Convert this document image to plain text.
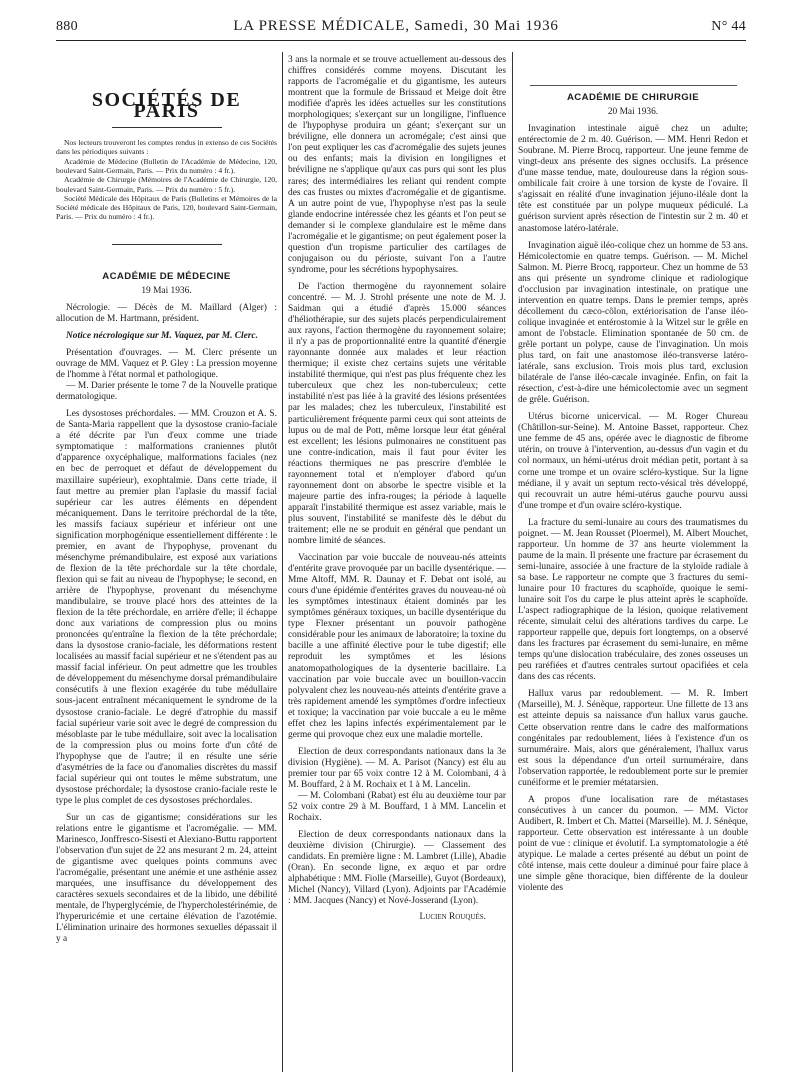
880	LA PRESSE MÉDICALE, Samedi, 30 Mai 1936	N° 44
SOCIÉTÉS DE PARIS

Nos lecteurs trouveront les comptes rendus in extenso de ces Sociétés dans les périodiques suivants :

Académie de Médecine (Bulletin de l'Académie de Médecine, 120, boulevard Saint-Germain, Paris. — Prix du numéro : 4 fr.).

Académie de Chirurgie (Mémoires de l'Académie de Chirurgie, 120, boulevard Saint-Germain, Paris. — Prix du numéro : 5 fr.).

Société Médicale des Hôpitaux de Paris (Bulletins et Mémoires de la Société médicale des Hôpitaux de Paris, 120, boulevard Saint-Germain, Paris. — Prix du numéro : 4 fr.).

ACADÉMIE DE MÉDECINE
19 Mai 1936.

Nécrologie. — Décès de M. Maillard (Alger) : allocution de M. Hartmann, président.

Notice nécrologique sur M. Vaquez, par M. Clerc.

Présentation d'ouvrages. — M. Clerc présente un ouvrage de MM. Vaquez et P. Gley : La pression moyenne de l'homme à l'état normal et pathologique.

— M. Darier présente le tome 7 de la Nouvelle pratique dermatologique.

Les dysostoses préchordales. — MM. Crouzon et A. S. de Santa-Maria rappellent que la dysostose cranio-faciale a été décrite par l'un d'eux comme une triade symptomatique : malformations craniennes plutôt d'apparence oxycéphalique, malformations faciales (nez en bec de perroquet et défaut de développement du maxillaire supérieur), exophtalmie. Dans cette triade, il faut mettre au premier plan l'aplasie du massif facial supérieur car les autres éléments en dépendent mécaniquement. Dans le territoire préchordal de la tête, les massifs faciaux supérieur et inférieur ont une signification morphogénique essentiellement différente : le premier, en avant de l'hypophyse, provenant du mésenchyme prémandibulaire, est exposé aux variations de flexion de la tête préchordale sur la tête chordale, flexion qui se fait au niveau de l'hypophyse; le second, en arrière de l'hypophyse, provenant du mésenchyme mandibulaire, se trouve placé hors des atteintes de la flexion de la tête préchordale, en arrière d'elle; il échappe donc aux variations de compression plus ou moins prononcées qu'entraîne la flexion de la tête préchordale; dans la dysostose cranio-faciale, les déformations restent localisées au massif facial supérieur et ne s'étendent pas au massif facial inférieur. On peut admettre que les troubles de développement du mésenchyme dorsal prémandibulaire consécutifs à une flexion exagérée du tube médullaire sous-jacent entraînent mécaniquement le syndrome de la dysostose cranio-faciale. Le degré d'atrophie du massif facial supérieur varie soit avec le degré de compression du mésoblaste par le tube médullaire, soit avec la localisation de la compression plus ou moins forte d'un côté de l'hypophyse que de l'autre; il en résulte une série d'asymétries de la face ou d'anomalies discrètes du massif facial supérieur qui ont toutes le même substratum, une dysostose préchordale; la dysostose cranio-faciale reste le type le plus complet de ces dysostoses préchordales.

Sur un cas de gigantisme; considérations sur les relations entre le gigantisme et l'acromégalie. — MM. Marinesco, Jonffresco-Sisesti et Alexiano-Buttu rapportent l'observation d'un sujet de 22 ans mesurant 2 m. 24, atteint de gigantisme avec quelques points communs avec l'acromégalie, présentant une anémie et une asthénie assez marquées, une insuffisance du développement des caractères sexuels secondaires et de la libido, une débilité mentale, de l'hyperglycémie, de l'hypercholestérinémie, de l'hyperuricémie et une certaine élévation de l'azotémie. L'élimination urinaire des hormones sexuelles dépassait il y a

3 ans la normale et se trouve actuellement au-dessous des chiffres considérés comme moyens. Discutant les rapports de l'acromégalie et du gigantisme, les auteurs montrent que la formule de Brissaud et Meige doit être modifiée d'après les idées actuelles sur les constitutions morphologiques; s'exerçant sur un longiligne, l'influence de l'hypophyse produira un géant; s'exerçant sur un bréviligne, elle donnera un acromégale; c'est ainsi que l'on peut expliquer les cas d'acromégalie des sujets jeunes ou des enfants; mais la division en longilignes et bréviligne ne s'applique qu'aux cas purs qui sont les plus rares; des intermédiaires les reliant qui rendent compte des cas frustes ou mixtes d'acromégalie et de gigantisme. A un autre point de vue, l'hypophyse n'est pas la seule glande endocrine intéressée chez les géants et l'on peut se demander si le complexe glandulaire est le même dans l'acromégalie et le gigantisme; on peut également poser la question d'un tropisme particulier des cartilages de conjugaison ou du périoste, suivant l'on a l'autre syndrome, pour les sécrétions hypophysaires.

De l'action thermogène du rayonnement solaire concentré. — M. J. Strohl présente une note de M. J. Saidman qui a étudié d'après 15.000 séances d'héliothérapie, sur des sujets placés perpendiculairement aux rayons, l'action thermogène du rayonnement solaire; il n'y a pas de proportionnalité entre la quantité d'énergie rayonnante donnée aux malades et leur réaction thermique; il existe chez certains sujets une véritable instabilité thermique, qui n'est pas plus fréquente chez les tuberculeux que chez les non-tuberculeux; cette instabilité n'est pas liée à la gravité des lésions présentées par les malades; chez les tuberculeux, l'instabilité est particulièrement fréquente parmi ceux qui sont atteints de lupus ou de mal de Pott, même lorsque leur état général est excellent; les lésions pulmonaires ne constituent pas une contre-indication, mais il faut pour éviter les réactions thermiques ne pas prescrire d'emblée le rayonnement total et n'employer d'abord qu'un rayonnement dont on absorbe le spectre visible et la majeure partie des infra-rouges; la période à laquelle apparaît l'instabilité thermique est assez variable, mais le plus souvent, l'instabilité se manifeste dès le début du traitement; elle ne se produit en général que pendant un nombre limité de séances.

Vaccination par voie buccale de nouveau-nés atteints d'entérite grave provoquée par un bacille dysentérique. — Mme Altoff, MM. R. Daunay et F. Debat ont isolé, au cours d'une épidémie d'entérites graves du nouveau-né où les symptômes intestinaux étaient dominés par les symptômes généraux toxiques, un bacille dysentérique du type Flexner présentant un pouvoir pathogène considérable pour les animaux de laboratoire; la toxine du bacille a une affinité élective pour le tube digestif; elle reproduit les symptômes et les lésions anatomopathologiques de la dysenterie bacillaire. La vaccination par voie buccale avec un bouillon-vaccin polyvalent chez les nouveau-nés atteints d'entérite grave a très rapidement amendé les symptômes d'ordre infectieux et toxique; la vaccination par voie buccale a eu le même effet chez les lapins infectés expérimentalement par le germe qui provoque chez eux une maladie mortelle.

Election de deux correspondants nationaux dans la 3e division (Hygiène). — M. A. Parisot (Nancy) est élu au premier tour par 65 voix contre 12 à M. Colombani, 4 à M. Bouffard, 2 à M. Rochaix et 1 à M. Lancelin.

— M. Colombani (Rabat) est élu au deuxième tour par 52 voix contre 29 à M. Bouffard, 1 à MM. Lancelin et Rochaix.

Election de deux correspondants nationaux dans la deuxième division (Chirurgie). — Classement des candidats. En première ligne : M. Lambret (Lille), Abadie (Oran). En seconde ligne, ex æquo et par ordre alphabétique : MM. Fiolle (Marseille), Guyot (Bordeaux), Michel (Nancy), Villard (Lyon). Adjoints par l'Académie : MM. Jacques (Nancy) et Nové-Josserand (Lyon).

Lucien Rouquès.
ACADÉMIE DE CHIRURGIE
20 Mai 1936.

Invagination intestinale aiguë chez un adulte; entérectomie de 2 m. 40. Guérison. — MM. Henri Redon et Soubrane. M. Pierre Brocq, rapporteur. Une jeune femme de vingt-deux ans présente des signes occlusifs. La présence d'une masse tendue, mate, douloureuse dans la région sous-ombilicale fait croire à une torsion de kyste de l'ovaire. Il s'agissait en réalité d'une invagination jéjuno-iléale dont la tête est constituée par un polype muqueux pédiculé. La guérison survient après résection de l'intestin sur 2 m. 40 et anastomose latéro-latérale.

Invagination aiguë iléo-colique chez un homme de 53 ans. Hémicolectomie en quatre temps. Guérison. — M. Michel Salmon. M. Pierre Brocq, rapporteur. Chez un homme de 53 ans qui présente un syndrome clinique et radiologique d'occlusion par invagination intestinale, on pratique une intervention en quatre temps. Dans le premier temps, après décollement du cæco-côlon, extériorisation de l'anse iléo-colique invaginée et entérostomie à la Witzel sur le grêle en amont de l'obstacle. Elimination spontanée de 50 cm. de grêle portant un polype, cause de l'invagination. Un mois plus tard, on fait une anastomose iléo-transverse latéro-latérale, sans exclusion. Trois mois plus tard, exclusion bilatérale de l'anse iléo-cæcale invaginée. Enfin, on fait la résection, c'est-à-dire une hémicolectomie avec un segment de grêle. Guérison.

Utérus bicorne unicervical. — M. Roger Chureau (Châtillon-sur-Seine). M. Antoine Basset, rapporteur. Chez une femme de 45 ans, opérée avec le diagnostic de fibrome utérin, on trouve à l'intervention, au-dessus d'un vagin et du col normaux, un hémi-utérus droit médian petit, portant à sa corne une trompe et un ovaire scléro-kystique. Sur la ligne médiane, il y avait un septum recto-vésical très développé, qui recouvrait un autre hémi-utérus gauche pourvu aussi d'une trompe et d'un ovaire scléro-kystique.

La fracture du semi-lunaire au cours des traumatismes du poignet. — M. Jean Rousset (Ploermel), M. Albert Mouchet, rapporteur. Un homme de 37 ans heurte violemment la paume de la main. Il présente une fracture par écrasement du semi-lunaire, associée à une fracture de la styloïde radiale à sa base. Le rapporteur ne compte que 3 fractures du semi-lunaire pour 10 fractures du scaphoïde, quoique le semi-lunaire soit l'os du carpe le plus atteint après le scaphoïde. L'aspect radiographique de la lésion, quoique relativement récente, simulait celui des altérations tardives du carpe. Le rapporteur rappelle que, depuis fort longtemps, on a observé dans les fractures par écrasement du semi-lunaire, en même temps qu'une dislocation trabéculaire, des zones osseuses un peu raréfiées et d'autres centrales surtout opacifiées et cela dans des cas récents.

Hallux varus par redoublement. — M. R. Imbert (Marseille), M. J. Sénèque, rapporteur. Une fillette de 13 ans est atteinte depuis sa naissance d'un hallux varus gauche. Cette observation rentre dans le cadre des malformations congénitales par redoublement, liées à l'existence d'un os surnuméraire. Mais, alors que généralement, l'hallux varus est sous la dépendance d'un orteil surnuméraire, dans l'observation rapportée, le redoublement porte sur le premier cunéiforme et le premier métatarsien.

A propos d'une localisation rare de métastases consécutives à un cancer du poumon. — MM. Victor Audibert, R. Imbert et Ch. Mattei (Marseille). M. J. Sénèque, rapporteur. Cette observation est intéressante à un double point de vue : clinique et évolutif. La symptomatologie a été atypique. Le malade a certes présenté au début un point de côté intense, mais cette douleur a diminué pour faire place à une simple gêne thoracique, bien différente de la douleur violente des
